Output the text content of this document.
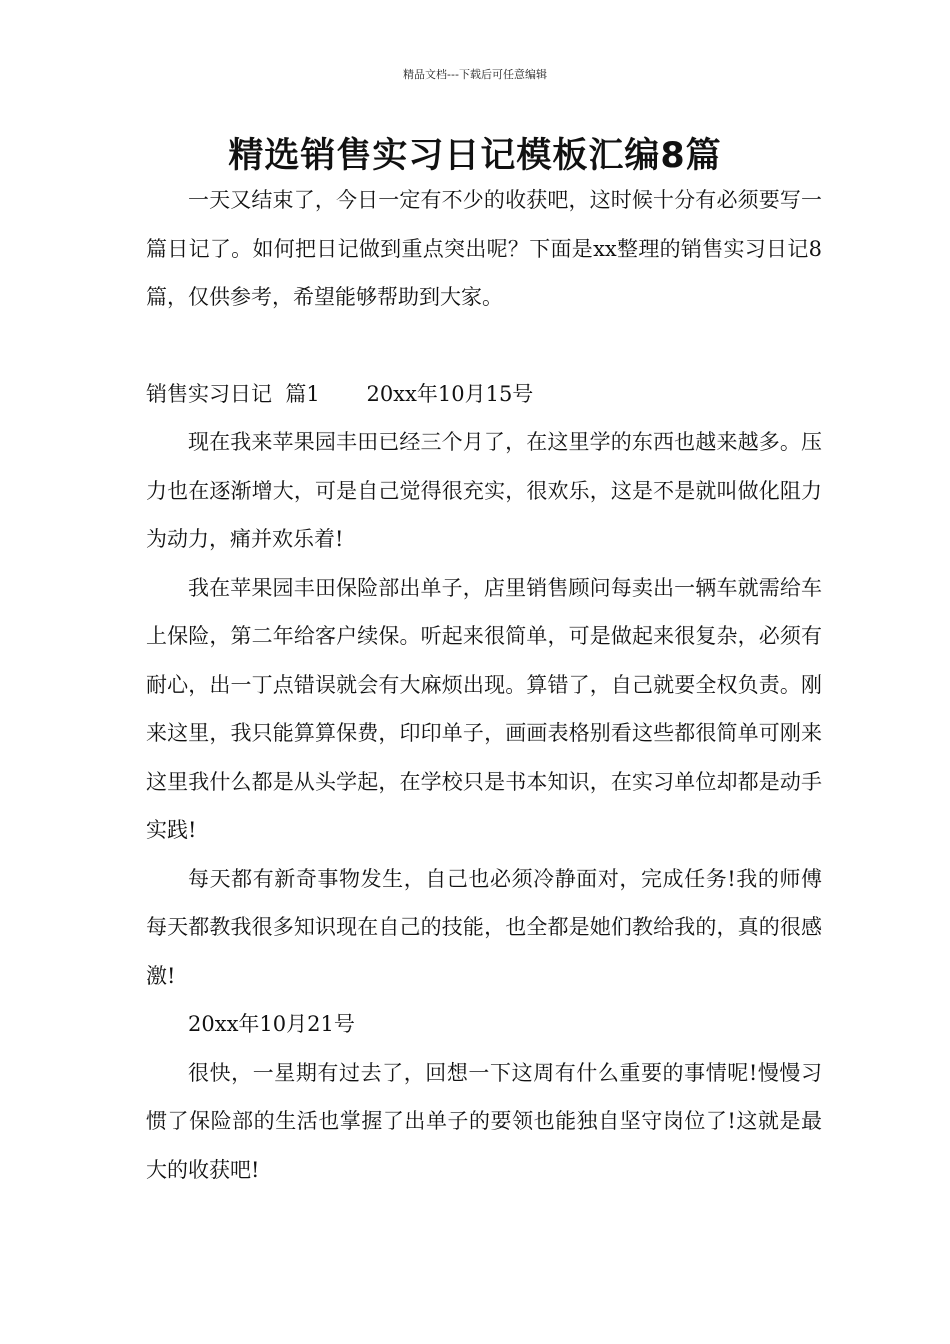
精品文档---下载后可任意编辑
精选销售实习日记模板汇编8篇

一天又结束了，今日一定有不少的收获吧，这时候十分有必须要写一篇日记了。如何把日记做到重点突出呢？下面是xx整理的销售实习日记8篇，仅供参考，希望能够帮助到大家。

销售实习日记  篇1 20xx年10月15号

现在我来苹果园丰田已经三个月了，在这里学的东西也越来越多。压力也在逐渐增大，可是自己觉得很充实，很欢乐，这是不是就叫做化阻力为动力，痛并欢乐着!

我在苹果园丰田保险部出单子，店里销售顾问每卖出一辆车就需给车上保险，第二年给客户续保。听起来很简单，可是做起来很复杂，必须有耐心，出一丁点错误就会有大麻烦出现。算错了，自己就要全权负责。刚来这里，我只能算算保费，印印单子，画画表格别看这些都很简单可刚来这里我什么都是从头学起，在学校只是书本知识，在实习单位却都是动手实践!

每天都有新奇事物发生，自己也必须冷静面对，完成任务!我的师傅每天都教我很多知识现在自己的技能，也全都是她们教给我的，真的很感激!

20xx年10月21号

很快，一星期有过去了，回想一下这周有什么重要的事情呢!慢慢习惯了保险部的生活也掌握了出单子的要领也能独自坚守岗位了!这就是最大的收获吧!
